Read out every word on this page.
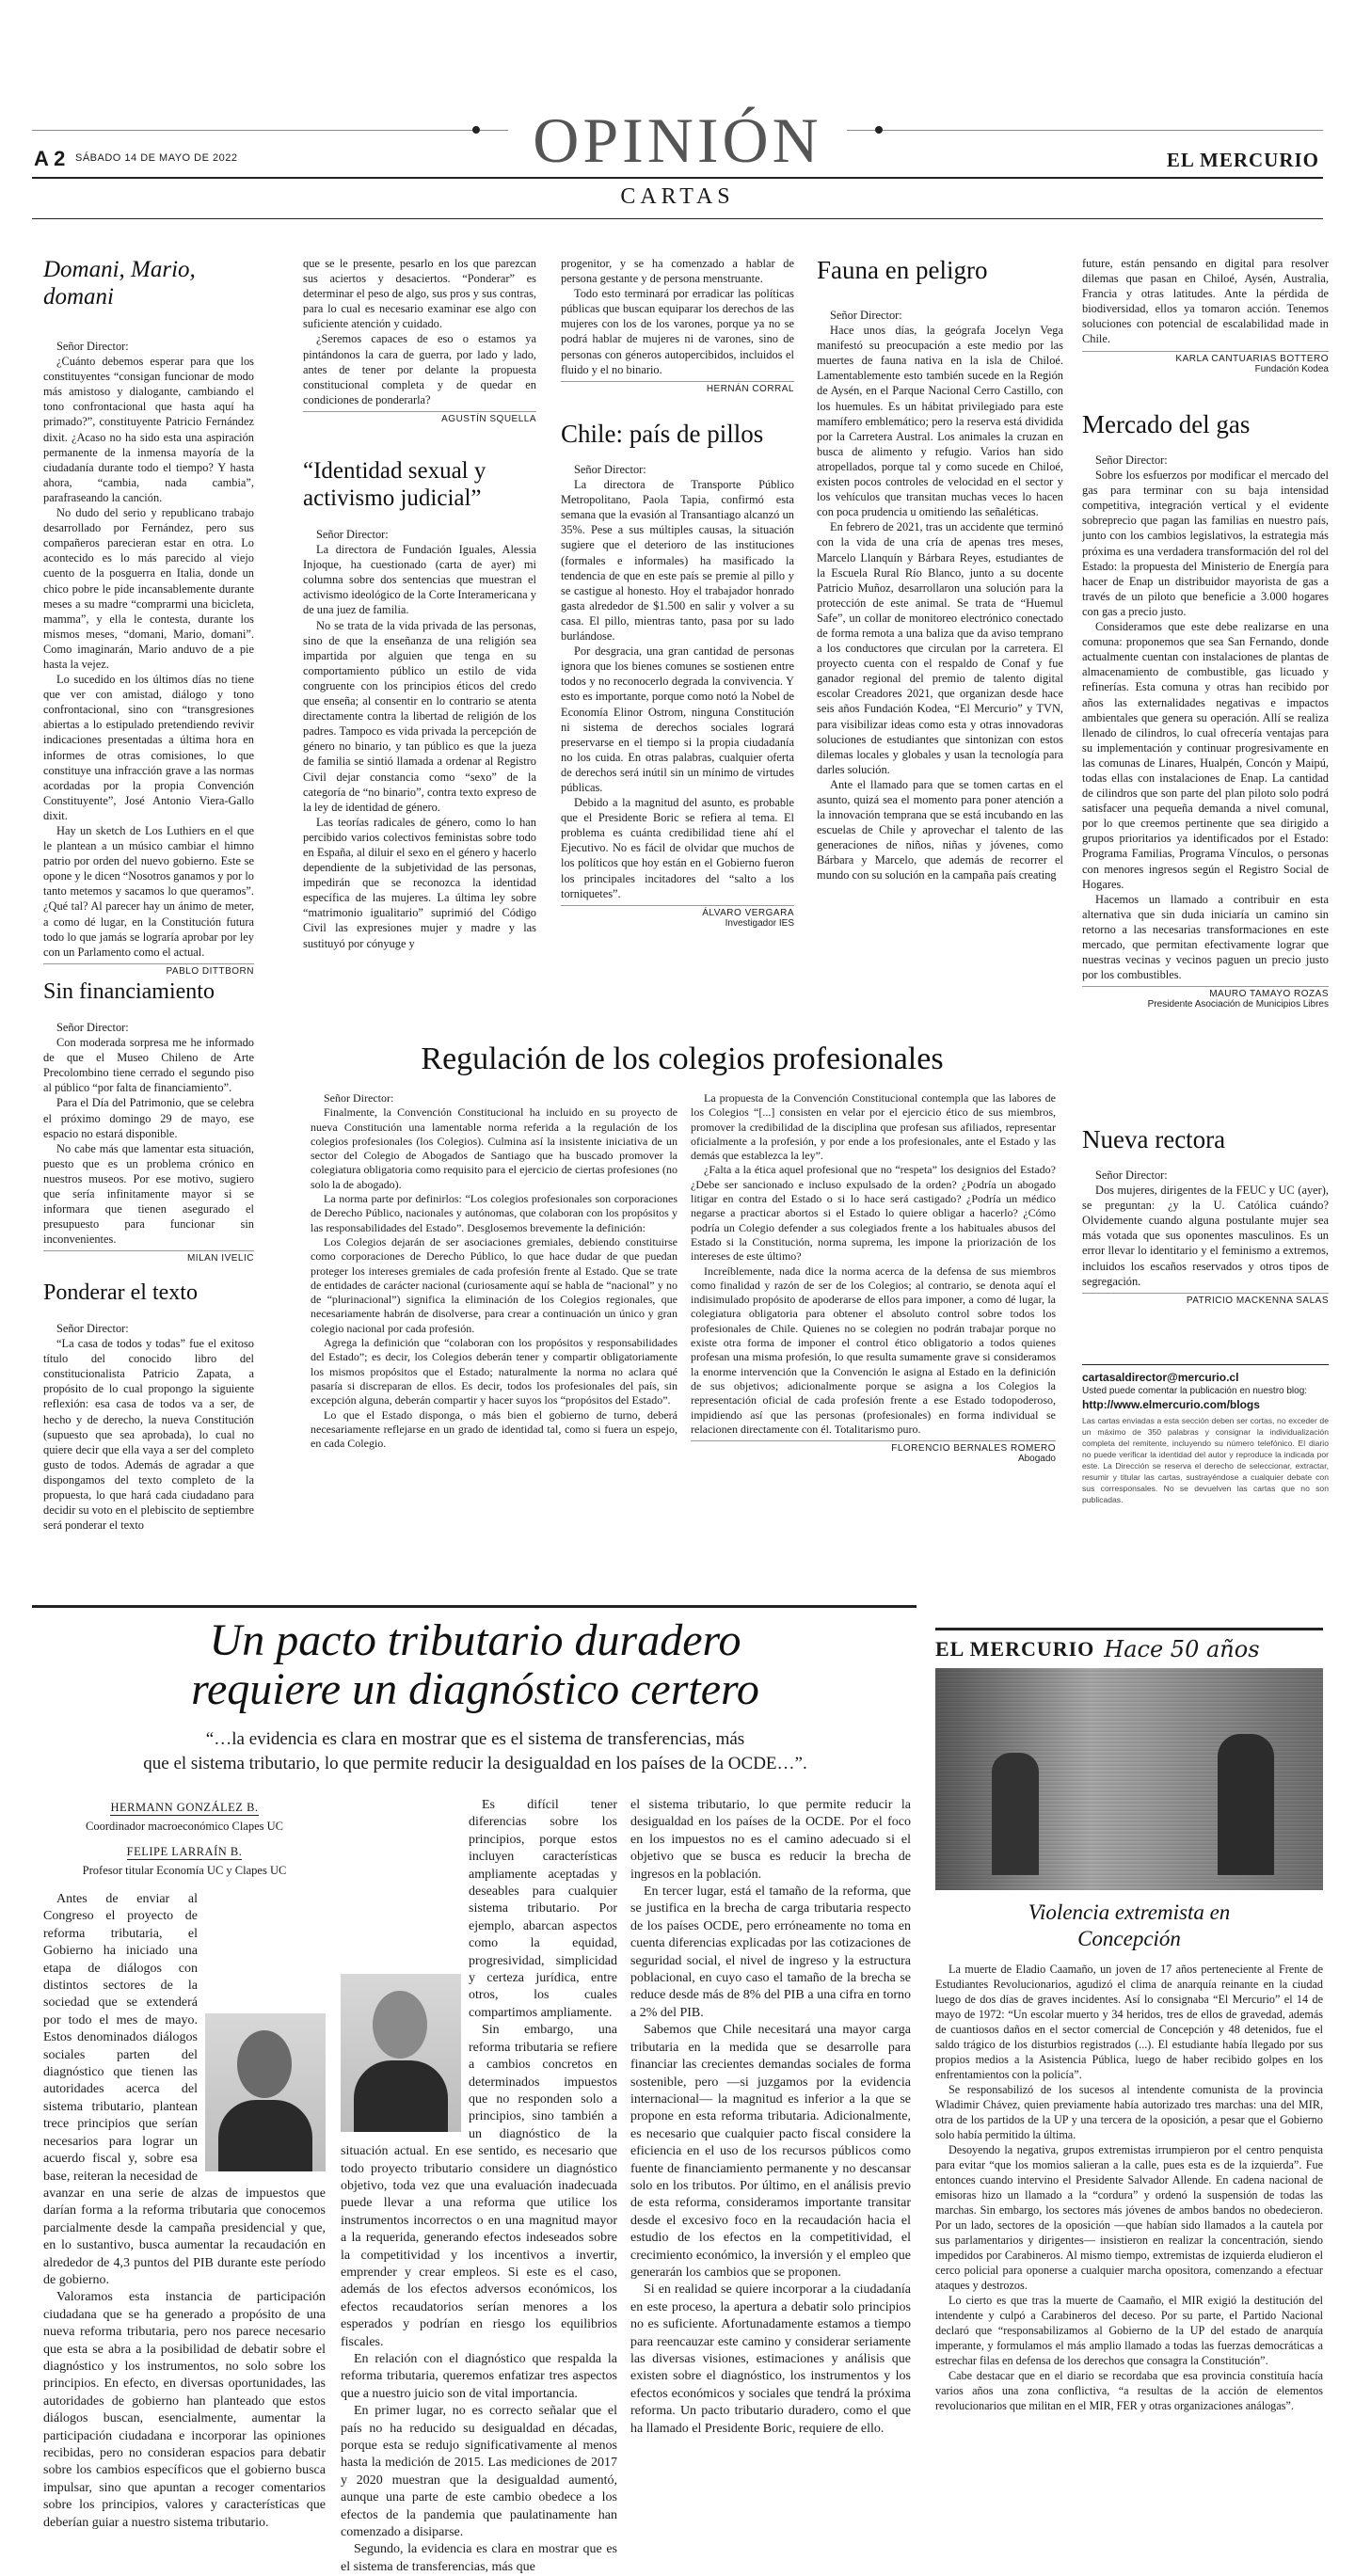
OPINIÓN
A 2 SÁBADO 14 DE MAYO DE 2022	EL MERCURIO
CARTAS
Domani, Mario, domani
Señor Director:
¿Cuánto debemos esperar para que los constituyentes “consigan funcionar de modo más amistoso y dialogante, cambiando el tono confrontacional que hasta aquí ha primado?”, constituyente Patricio Fernández dixit. ¿Acaso no ha sido esta una aspiración permanente de la inmensa mayoría de la ciudadanía durante todo el tiempo? Y hasta ahora, “cambia, nada cambia”, parafraseando la canción.
No dudo del serio y republicano trabajo desarrollado por Fernández, pero sus compañeros parecieran estar en otra. Lo acontecido es lo más parecido al viejo cuento de la posguerra en Italia, donde un chico pobre le pide incansablemente durante meses a su madre “comprarmi una bicicleta, mamma”, y ella le contesta, durante los mismos meses, “domani, Mario, domani”. Como imaginarán, Mario anduvo de a pie hasta la vejez.
Lo sucedido en los últimos días no tiene que ver con amistad, diálogo y tono confrontacional, sino con “transgresiones abiertas a lo estipulado pretendiendo revivir indicaciones presentadas a última hora en informes de otras comisiones, lo que constituye una infracción grave a las normas acordadas por la propia Convención Constituyente”, José Antonio Viera-Gallo dixit.
Hay un sketch de Los Luthiers en el que le plantean a un músico cambiar el himno patrio por orden del nuevo gobierno. Este se opone y le dicen “Nosotros ganamos y por lo tanto metemos y sacamos lo que queramos”. ¿Qué tal? Al parecer hay un ánimo de meter, a como dé lugar, en la Constitución futura todo lo que jamás se lograría aprobar por ley con un Parlamento como el actual.
PABLO DITTBORN
Sin financiamiento
Señor Director:
Con moderada sorpresa me he informado de que el Museo Chileno de Arte Precolombino tiene cerrado el segundo piso al público “por falta de financiamiento”.
Para el Día del Patrimonio, que se celebra el próximo domingo 29 de mayo, ese espacio no estará disponible.
No cabe más que lamentar esta situación, puesto que es un problema crónico en nuestros museos. Por ese motivo, sugiero que sería infinitamente mayor si se informara que tienen asegurado el presupuesto para funcionar sin inconvenientes.
MILAN IVELIC
Ponderar el texto
Señor Director:
“La casa de todos y todas” fue el exitoso título del conocido libro del constitucionalista Patricio Zapata, a propósito de lo cual propongo la siguiente reflexión: esa casa de todos va a ser, de hecho y de derecho, la nueva Constitución (supuesto que sea aprobada), lo cual no quiere decir que ella vaya a ser del completo gusto de todos. Además de agradar a que dispongamos del texto completo de la propuesta, lo que hará cada ciudadano para decidir su voto en el plebiscito de septiembre será ponderar el texto
que se le presente, pesarlo en los que parezcan sus aciertos y desaciertos. “Ponderar” es determinar el peso de algo, sus pros y sus contras, para lo cual es necesario examinar ese algo con suficiente atención y cuidado.
¿Seremos capaces de eso o estamos ya pintándonos la cara de guerra, por lado y lado, antes de tener por delante la propuesta constitucional completa y de quedar en condiciones de ponderarla?
AGUSTÍN SQUELLA
“Identidad sexual y activismo judicial”
Señor Director:
La directora de Fundación Iguales, Alessia Injoque, ha cuestionado (carta de ayer) mi columna sobre dos sentencias que muestran el activismo ideológico de la Corte Interamericana y de una juez de familia.
No se trata de la vida privada de las personas, sino de que la enseñanza de una religión sea impartida por alguien que tenga en su comportamiento público un estilo de vida congruente con los principios éticos del credo que enseña; al consentir en lo contrario se atenta directamente contra la libertad de religión de los padres. Tampoco es vida privada la percepción de género no binario, y tan público es que la jueza de familia se sintió llamada a ordenar al Registro Civil dejar constancia como “sexo” de la categoría de “no binario”, contra texto expreso de la ley de identidad de género.
Las teorías radicales de género, como lo han percibido varios colectivos feministas sobre todo en España, al diluir el sexo en el género y hacerlo dependiente de la subjetividad de las personas, impedirán que se reconozca la identidad específica de las mujeres. La última ley sobre “matrimonio igualitario” suprimió del Código Civil las expresiones mujer y madre y las sustituyó por cónyuge y
progenitor, y se ha comenzado a hablar de persona gestante y de persona menstruante.
Todo esto terminará por erradicar las políticas públicas que buscan equiparar los derechos de las mujeres con los de los varones, porque ya no se podrá hablar de mujeres ni de varones, sino de personas con géneros autopercibidos, incluidos el fluido y el no binario.
HERNÁN CORRAL
Chile: país de pillos
Señor Director:
La directora de Transporte Público Metropolitano, Paola Tapia, confirmó esta semana que la evasión al Transantiago alcanzó un 35%. Pese a sus múltiples causas, la situación sugiere que el deterioro de las instituciones (formales e informales) ha masificado la tendencia de que en este país se premie al pillo y se castigue al honesto. Hoy el trabajador honrado gasta alrededor de $1.500 en salir y volver a su casa. El pillo, mientras tanto, pasa por su lado burlándose.
Por desgracia, una gran cantidad de personas ignora que los bienes comunes se sostienen entre todos y no reconocerlo degrada la convivencia. Y esto es importante, porque como notó la Nobel de Economía Elinor Ostrom, ninguna Constitución ni sistema de derechos sociales logrará preservarse en el tiempo si la propia ciudadanía no los cuida. En otras palabras, cualquier oferta de derechos será inútil sin un mínimo de virtudes públicas.
Debido a la magnitud del asunto, es probable que el Presidente Boric se refiera al tema. El problema es cuánta credibilidad tiene ahí el Ejecutivo. No es fácil de olvidar que muchos de los políticos que hoy están en el Gobierno fueron los principales incitadores del “salto a los torniquetes”.
ÁLVARO VERGARA
Investigador IES
Fauna en peligro
Señor Director:
Hace unos días, la geógrafa Jocelyn Vega manifestó su preocupación a este medio por las muertes de fauna nativa en la isla de Chiloé. Lamentablemente esto también sucede en la Región de Aysén, en el Parque Nacional Cerro Castillo, con los huemules. Es un hábitat privilegiado para este mamífero emblemático; pero la reserva está dividida por la Carretera Austral. Los animales la cruzan en busca de alimento y refugio. Varios han sido atropellados, porque tal y como sucede en Chiloé, existen pocos controles de velocidad en el sector y los vehículos que transitan muchas veces lo hacen con poca prudencia u omitiendo las señaléticas.
En febrero de 2021, tras un accidente que terminó con la vida de una cría de apenas tres meses, Marcelo Llanquín y Bárbara Reyes, estudiantes de la Escuela Rural Río Blanco, junto a su docente Patricio Muñoz, desarrollaron una solución para la protección de este animal. Se trata de “Huemul Safe”, un collar de monitoreo electrónico conectado de forma remota a una baliza que da aviso temprano a los conductores que circulan por la carretera. El proyecto cuenta con el respaldo de Conaf y fue ganador regional del premio de talento digital escolar Creadores 2021, que organizan desde hace seis años Fundación Kodea, “El Mercurio” y TVN, para visibilizar ideas como esta y otras innovadoras soluciones de estudiantes que sintonizan con estos dilemas locales y globales y usan la tecnología para darles solución.
Ante el llamado para que se tomen cartas en el asunto, quizá sea el momento para poner atención a la innovación temprana que se está incubando en las escuelas de Chile y aprovechar el talento de las generaciones de niños, niñas y jóvenes, como Bárbara y Marcelo, que además de recorrer el mundo con su solución en la campaña país creating
future, están pensando en digital para resolver dilemas que pasan en Chiloé, Aysén, Australia, Francia y otras latitudes. Ante la pérdida de biodiversidad, ellos ya tomaron acción. Tenemos soluciones con potencial de escalabilidad made in Chile.
KARLA CANTUARIAS BOTTERO
Fundación Kodea
Mercado del gas
Señor Director:
Sobre los esfuerzos por modificar el mercado del gas para terminar con su baja intensidad competitiva, integración vertical y el evidente sobreprecio que pagan las familias en nuestro país, junto con los cambios legislativos, la estrategia más próxima es una verdadera transformación del rol del Estado: la propuesta del Ministerio de Energía para hacer de Enap un distribuidor mayorista de gas a través de un piloto que beneficie a 3.000 hogares con gas a precio justo.
Consideramos que este debe realizarse en una comuna: proponemos que sea San Fernando, donde actualmente cuentan con instalaciones de plantas de almacenamiento de combustible, gas licuado y refinerías. Esta comuna y otras han recibido por años las externalidades negativas e impactos ambientales que genera su operación. Allí se realiza llenado de cilindros, lo cual ofrecería ventajas para su implementación y continuar progresivamente en las comunas de Linares, Hualpén, Concón y Maipú, todas ellas con instalaciones de Enap. La cantidad de cilindros que son parte del plan piloto solo podrá satisfacer una pequeña demanda a nivel comunal, por lo que creemos pertinente que sea dirigido a grupos prioritarios ya identificados por el Estado: Programa Familias, Programa Vínculos, o personas con menores ingresos según el Registro Social de Hogares.
Hacemos un llamado a contribuir en esta alternativa que sin duda iniciaría un camino sin retorno a las necesarias transformaciones en este mercado, que permitan efectivamente lograr que nuestras vecinas y vecinos paguen un precio justo por los combustibles.
MAURO TAMAYO ROZAS
Presidente Asociación de Municipios Libres
Nueva rectora
Señor Director:
Dos mujeres, dirigentes de la FEUC y UC (ayer), se preguntan: ¿y la U. Católica cuándo? Olvidemente cuando alguna postulante mujer sea más votada que sus oponentes masculinos. Es un error llevar lo identitario y el feminismo a extremos, incluidos los escaños reservados y otros tipos de segregación.
PATRICIO MACKENNA SALAS
cartasaldirector@mercurio.cl
Usted puede comentar la publicación en nuestro blog:
http://www.elmercurio.com/blogs
Las cartas enviadas a esta sección deben ser cortas, no exceder de un máximo de 350 palabras y consignar la individualización completa del remitente, incluyendo su número telefónico. El diario no puede verificar la identidad del autor y reproduce la indicada por este. La Dirección se reserva el derecho de seleccionar, extractar, resumir y titular las cartas, sustrayéndose a cualquier debate con sus corresponsales. No se devuelven las cartas que no son publicadas.
Regulación de los colegios profesionales
Señor Director:
Finalmente, la Convención Constitucional ha incluido en su proyecto de nueva Constitución una lamentable norma referida a la regulación de los colegios profesionales (los Colegios). Culmina así la insistente iniciativa de un sector del Colegio de Abogados de Santiago que ha buscado promover la colegiatura obligatoria como requisito para el ejercicio de ciertas profesiones (no solo la de abogado).
La norma parte por definirlos: “Los colegios profesionales son corporaciones de Derecho Público, nacionales y autónomas, que colaboran con los propósitos y las responsabilidades del Estado”. Desglosemos brevemente la definición:
Los Colegios dejarán de ser asociaciones gremiales, debiendo constituirse como corporaciones de Derecho Público, lo que hace dudar de que puedan proteger los intereses gremiales de cada profesión frente al Estado. Que se trate de entidades de carácter nacional (curiosamente aquí se habla de “nacional” y no de “plurinacional”) significa la eliminación de los Colegios regionales, que necesariamente habrán de disolverse, para crear a continuación un único y gran colegio nacional por cada profesión.
Agrega la definición que “colaboran con los propósitos y responsabilidades del Estado”; es decir, los Colegios deberán tener y compartir obligatoriamente los mismos propósitos que el Estado; naturalmente la norma no aclara qué pasaría si discreparan de ellos. Es decir, todos los profesionales del país, sin excepción alguna, deberán compartir y hacer suyos los “propósitos del Estado”.
Lo que el Estado disponga, o más bien el gobierno de turno, deberá necesariamente reflejarse en un grado de identidad tal, como si fuera un espejo, en cada Colegio.
La propuesta de la Convención Constitucional contempla que las labores de los Colegios “[...] consisten en velar por el ejercicio ético de sus miembros, promover la credibilidad de la disciplina que profesan sus afiliados, representar oficialmente a la profesión, y por ende a los profesionales, ante el Estado y las demás que establezca la ley”.
¿Falta a la ética aquel profesional que no “respeta” los designios del Estado? ¿Debe ser sancionado e incluso expulsado de la orden? ¿Podría un abogado litigar en contra del Estado o si lo hace será castigado? ¿Podría un médico negarse a practicar abortos si el Estado lo quiere obligar a hacerlo? ¿Cómo podría un Colegio defender a sus colegiados frente a los habituales abusos del Estado si la Constitución, norma suprema, les impone la priorización de los intereses de este último?
Increíblemente, nada dice la norma acerca de la defensa de sus miembros como finalidad y razón de ser de los Colegios; al contrario, se denota aquí el indisimulado propósito de apoderarse de ellos para imponer, a como dé lugar, la colegiatura obligatoria para obtener el absoluto control sobre todos los profesionales de Chile. Quienes no se colegien no podrán trabajar porque no existe otra forma de imponer el control ético obligatorio a todos quienes profesan una misma profesión, lo que resulta sumamente grave si consideramos la enorme intervención que la Convención le asigna al Estado en la definición de sus objetivos; adicionalmente porque se asigna a los Colegios la representación oficial de cada profesión frente a ese Estado todopoderoso, impidiendo así que las personas (profesionales) en forma individual se relacionen directamente con él. Totalitarismo puro.
FLORENCIO BERNALES ROMERO
Abogado
Un pacto tributario duradero
requiere un diagnóstico certero
“…la evidencia es clara en mostrar que es el sistema de transferencias, más
que el sistema tributario, lo que permite reducir la desigualdad en los países de la OCDE…”.
HERMANN GONZÁLEZ B.
Coordinador macroeconómico Clapes UC
FELIPE LARRAÍN B.
Profesor titular Economía UC y Clapes UC
Antes de enviar al Congreso el proyecto de reforma tributaria, el Gobierno ha iniciado una etapa de diálogos con distintos sectores de la sociedad que se extenderá por todo el mes de mayo. Estos denominados diálogos sociales parten del diagnóstico que tienen las autoridades acerca del sistema tributario, plantean trece principios que serían necesarios para lograr un acuerdo fiscal y, sobre esa base, reiteran la necesidad de avanzar en una serie de alzas de impuestos que darían forma a la reforma tributaria que conocemos parcialmente desde la campaña presidencial y que, en lo sustantivo, busca aumentar la recaudación en alrededor de 4,3 puntos del PIB durante este período de gobierno.
Valoramos esta instancia de participación ciudadana que se ha generado a propósito de una nueva reforma tributaria, pero nos parece necesario que esta se abra a la posibilidad de debatir sobre el diagnóstico y los instrumentos, no solo sobre los principios. En efecto, en diversas oportunidades, las autoridades de gobierno han planteado que estos diálogos buscan, esencialmente, aumentar la participación ciudadana e incorporar las opiniones recibidas, pero no consideran espacios para debatir sobre los cambios específicos que el gobierno busca impulsar, sino que apuntan a recoger comentarios sobre los principios, valores y características que deberían guiar a nuestro sistema tributario.
Es difícil tener diferencias sobre los principios, porque estos incluyen características ampliamente aceptadas y deseables para cualquier sistema tributario. Por ejemplo, abarcan aspectos como la equidad, progresividad, simplicidad y certeza jurídica, entre otros, los cuales compartimos ampliamente.
Sin embargo, una reforma tributaria se refiere a cambios concretos en determinados impuestos que no responden solo a principios, sino también a un diagnóstico de la situación actual. En ese sentido, es necesario que todo proyecto tributario considere un diagnóstico objetivo, toda vez que una evaluación inadecuada puede llevar a una reforma que utilice los instrumentos incorrectos o en una magnitud mayor a la requerida, generando efectos indeseados sobre la competitividad y los incentivos a invertir, emprender y crear empleos. Si este es el caso, además de los efectos adversos económicos, los efectos recaudatorios serían menores a los esperados y podrían en riesgo los equilibrios fiscales.
En relación con el diagnóstico que respalda la reforma tributaria, queremos enfatizar tres aspectos que a nuestro juicio son de vital importancia.
En primer lugar, no es correcto señalar que el país no ha reducido su desigualdad en décadas, porque esta se redujo significativamente al menos hasta la medición de 2015. Las mediciones de 2017 y 2020 muestran que la desigualdad aumentó, aunque una parte de este cambio obedece a los efectos de la pandemia que paulatinamente han comenzado a disiparse.
Segundo, la evidencia es clara en mostrar que es el sistema de transferencias, más que
el sistema tributario, lo que permite reducir la desigualdad en los países de la OCDE. Por el foco en los impuestos no es el camino adecuado si el objetivo que se busca es reducir la brecha de ingresos en la población.
En tercer lugar, está el tamaño de la reforma, que se justifica en la brecha de carga tributaria respecto de los países OCDE, pero erróneamente no toma en cuenta diferencias explicadas por las cotizaciones de seguridad social, el nivel de ingreso y la estructura poblacional, en cuyo caso el tamaño de la brecha se reduce desde más de 8% del PIB a una cifra en torno a 2% del PIB.
Sabemos que Chile necesitará una mayor carga tributaria en la medida que se desarrolle para financiar las crecientes demandas sociales de forma sostenible, pero —si juzgamos por la evidencia internacional— la magnitud es inferior a la que se propone en esta reforma tributaria. Adicionalmente, es necesario que cualquier pacto fiscal considere la eficiencia en el uso de los recursos públicos como fuente de financiamiento permanente y no descansar solo en los tributos. Por último, en el análisis previo de esta reforma, consideramos importante transitar desde el excesivo foco en la recaudación hacia el estudio de los efectos en la competitividad, el crecimiento económico, la inversión y el empleo que generarán los cambios que se proponen.
Si en realidad se quiere incorporar a la ciudadanía en este proceso, la apertura a debatir solo principios no es suficiente. Afortunadamente estamos a tiempo para reencauzar este camino y considerar seriamente las diversas visiones, estimaciones y análisis que existen sobre el diagnóstico, los instrumentos y los efectos económicos y sociales que tendrá la próxima reforma. Un pacto tributario duradero, como el que ha llamado el Presidente Boric, requiere de ello.
EL MERCURIO Hace 50 años
Violencia extremista en
Concepción
La muerte de Eladio Caamaño, un joven de 17 años perteneciente al Frente de Estudiantes Revolucionarios, agudizó el clima de anarquía reinante en la ciudad luego de dos días de graves incidentes. Así lo consignaba “El Mercurio” el 14 de mayo de 1972: “Un escolar muerto y 34 heridos, tres de ellos de gravedad, además de cuantiosos daños en el sector comercial de Concepción y 48 detenidos, fue el saldo trágico de los disturbios registrados (...). El estudiante había llegado por sus propios medios a la Asistencia Pública, luego de haber recibido golpes en los enfrentamientos con la policía”.
Se responsabilizó de los sucesos al intendente comunista de la provincia Wladimir Chávez, quien previamente había autorizado tres marchas: una del MIR, otra de los partidos de la UP y una tercera de la oposición, a pesar que el Gobierno solo había permitido la última.
Desoyendo la negativa, grupos extremistas irrumpieron por el centro penquista para evitar “que los momios salieran a la calle, pues esta es de la izquierda”. Fue entonces cuando intervino el Presidente Salvador Allende. En cadena nacional de emisoras hizo un llamado a la “cordura” y ordenó la suspensión de todas las marchas. Sin embargo, los sectores más jóvenes de ambos bandos no obedecieron. Por un lado, sectores de la oposición —que habían sido llamados a la cautela por sus parlamentarios y dirigentes— insistieron en realizar la concentración, siendo impedidos por Carabineros. Al mismo tiempo, extremistas de izquierda eludieron el cerco policial para oponerse a cualquier marcha opositora, comenzando a efectuar ataques y destrozos.
Lo cierto es que tras la muerte de Caamaño, el MIR exigió la destitución del intendente y culpó a Carabineros del deceso. Por su parte, el Partido Nacional declaró que “responsabilizamos al Gobierno de la UP del estado de anarquía imperante, y formulamos el más amplio llamado a todas las fuerzas democráticas a estrechar filas en defensa de los derechos que consagra la Constitución”.
Cabe destacar que en el diario se recordaba que esa provincia constituía hacía varios años una zona conflictiva, “a resultas de la acción de elementos revolucionarios que militan en el MIR, FER y otras organizaciones análogas”.
